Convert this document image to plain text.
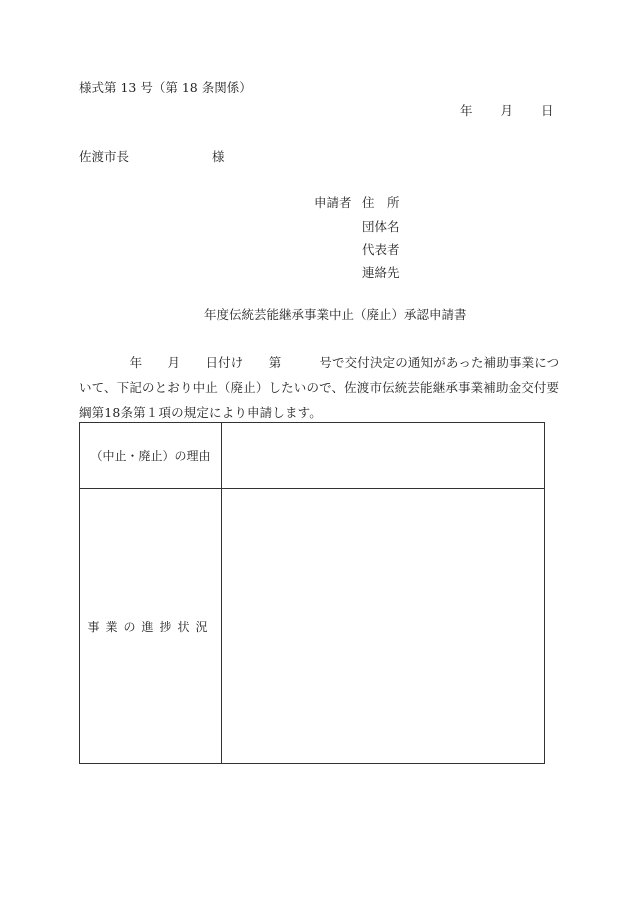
様式第 13 号（第 18 条関係）
年 月 日
佐渡市長	様
申請者 住　所
団体名
代表者
連絡先
年度伝統芸能継承事業中止（廃止）承認申請書
　　　　年　　月　　日付け　　第　　　号で交付決定の通知があった補助事業につ
いて、下記のとおり中止（廃止）したいので、佐渡市伝統芸能継承事業補助金交付要
綱第18条第１項の規定により申請します。
（中止・廃止）の理由	
事業の進捗状況	
